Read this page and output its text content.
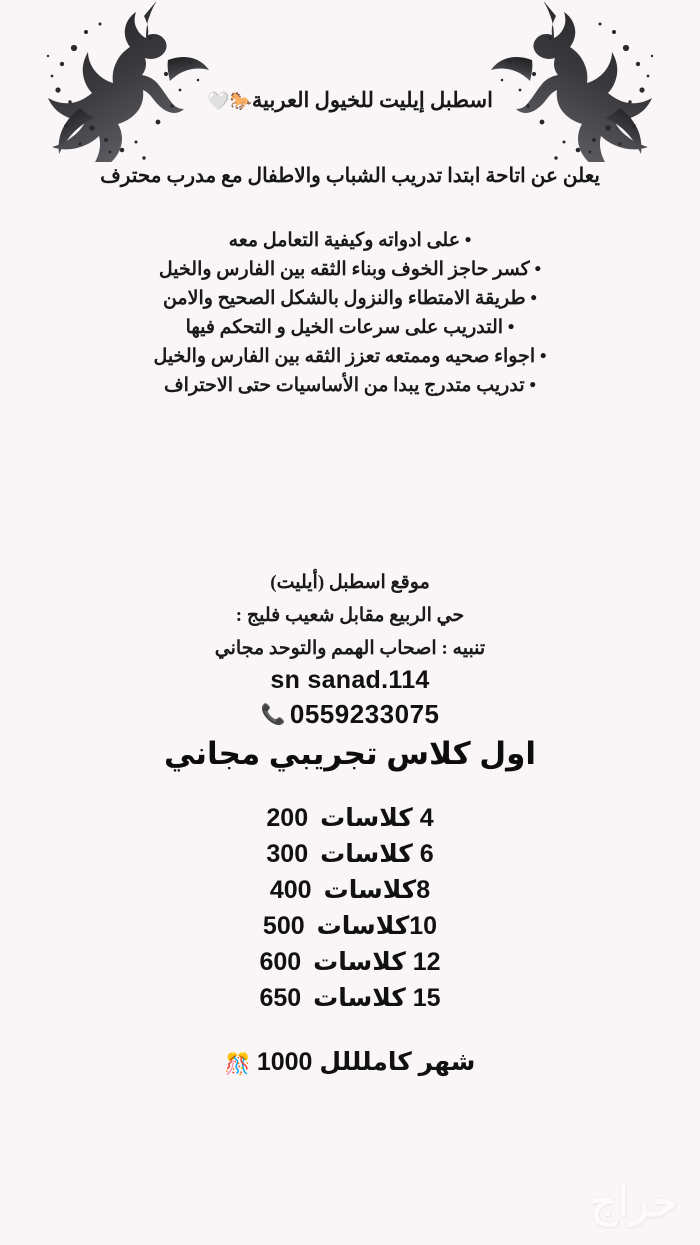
اسطبل إيليت للخيول العربية🐎🤍
يعلن عن اتاحة ابتدا تدريب الشباب والاطفال مع مدرب محترف
• على ادواته وكيفية التعامل معه
• كسر حاجز الخوف وبناء الثقه بين الفارس والخيل
• طريقة الامتطاء والنزول بالشكل الصحيح والامن
• التدريب على سرعات الخيل و التحكم فيها
• اجواء صحيه وممتعه تعزز الثقه بين الفارس والخيل
• تدريب متدرج يبدا من الأساسيات حتى الاحتراف
موقع اسطبل (أيليت)
حي الربيع مقابل شعيب فليج :
تنبيه : اصحاب الهمم والتوحد مجاني
sn sanad.114
📞 0559233075
اول كلاس تجريبي مجاني
4 كلاسات200
6 كلاسات300
8كلاسات400
10كلاسات500
12 كلاسات600
15 كلاسات650
شهر كاملللل 1000🎊
حراج
